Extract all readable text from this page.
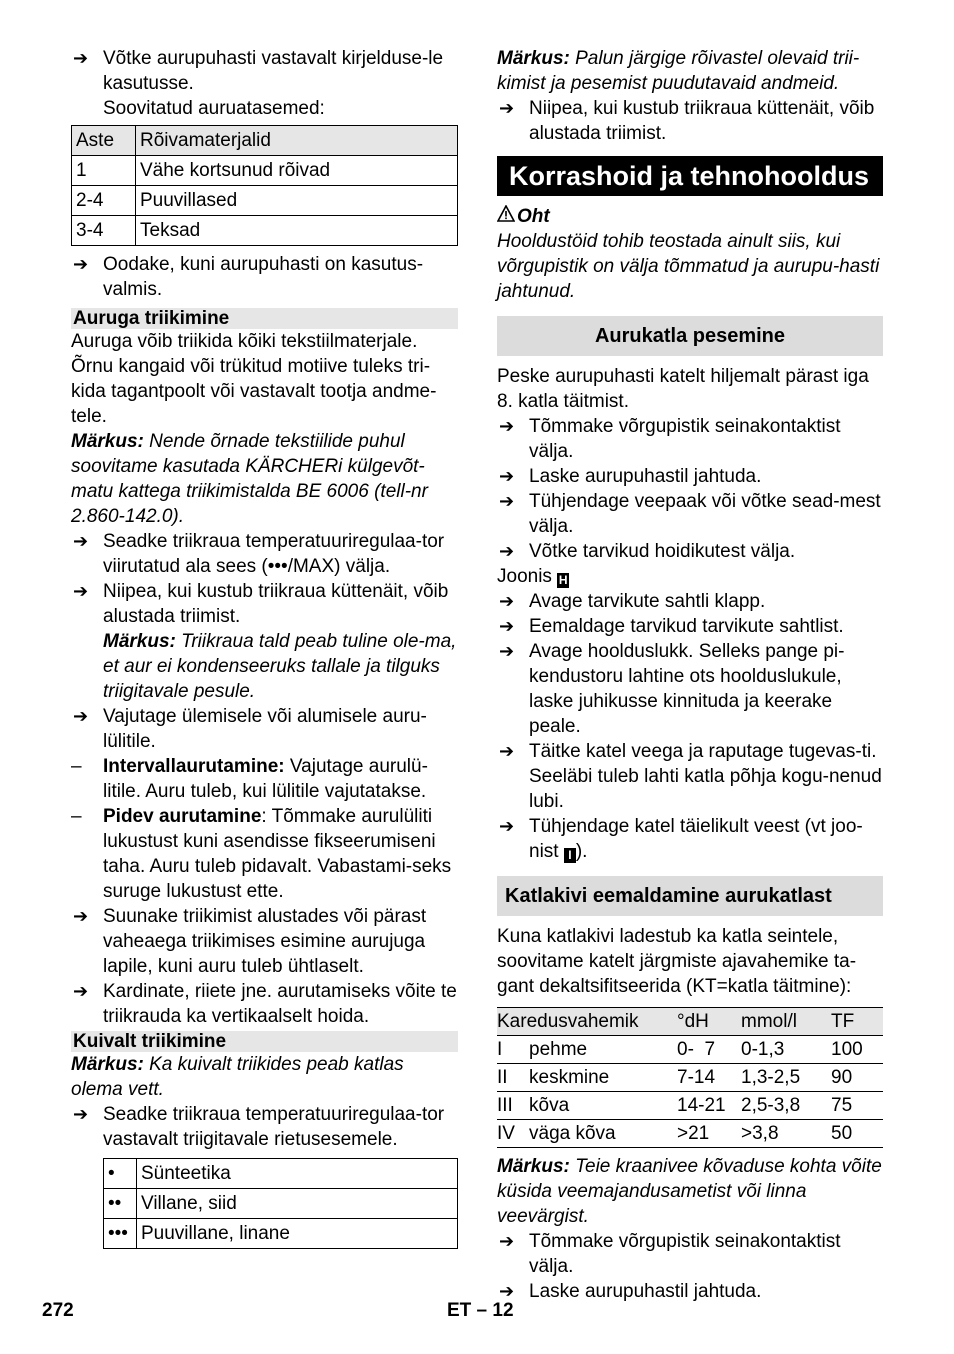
➔ Võtke aurupuhasti vastavalt kirjelduse-le kasutusse.

Soovitatud auruatasemed:

Aste	Rõivamaterjalid
1	Vähe kortsunud rõivad
2-4	Puuvillased
3-4	Teksad

➔ Oodake, kuni aurupuhasti on kasutus-valmis.

Auruga triikimine

Auruga võib triikida kõiki tekstiilmaterjale. Õrnu kangaid või trükitud motiive tuleks tri-kida tagantpoolt või vastavalt tootja andme-tele.

Märkus: Nende õrnade tekstiilide puhul soovitame kasutada KÄRCHERi külgevõt-matu kattega triikimistalda BE 6006 (tell-nr 2.860-142.0).

➔ Seadke triikraua temperatuuriregulaa-tor viirutatud ala sees (•••/MAX) välja.

➔ Niipea, kui kustub triikraua küttenäit, võib alustada triimist.

Märkus: Triikraua tald peab tuline ole-ma, et aur ei kondenseeruks tallale ja tilguks triigitavale pesule.

➔ Vajutage ülemisele või alumisele auru-lülitile.

– Intervallaurutamine: Vajutage aurulü-litile. Auru tuleb, kui lülitile vajutatakse.

– Pidev aurutamine: Tõmmake aurulüliti lukustust kuni asendisse fikseerumiseni taha. Auru tuleb pidavalt. Vabastami-seks suruge lukustust ette.

➔ Suunake triikimist alustades või pärast vaheaega triikimises esimine aurujuga lapile, kuni auru tuleb ühtlaselt.

➔ Kardinate, riiete jne. aurutamiseks võite te triikrauda ka vertikaalselt hoida.

Kuivalt triikimine

Märkus: Ka kuivalt triikides peab katlas olema vett.

➔ Seadke triikraua temperatuuriregulaa-tor vastavalt triigitavale rietusesemele.

•	Sünteetika
••	Villane, siid
•••	Puuvillane, linane

Märkus: Palun järgige rõivastel olevaid trii-kimist ja pesemist puudutavaid andmeid.

➔ Niipea, kui kustub triikraua küttenäit, võib alustada triimist.

Korrashoid ja tehnohooldus

Oht

Hooldustöid tohib teostada ainult siis, kui võrgupistik on välja tõmmatud ja aurupu-hasti jahtunud.

Aurukatla pesemine

Peske aurupuhasti katelt hiljemalt pärast iga 8. katla täitmist.

➔ Tõmmake võrgupistik seinakontaktist välja.

➔ Laske aurupuhastil jahtuda.

➔ Tühjendage veepaak või võtke sead-mest välja.

➔ Võtke tarvikud hoidikutest välja.

Joonis H

➔ Avage tarvikute sahtli klapp.

➔ Eemaldage tarvikud tarvikute sahtlist.

➔ Avage hoolduslukk. Selleks pange pi-kendustoru lahtine ots hoolduslukule, laske juhikusse kinnituda ja keerake peale.

➔ Täitke katel veega ja raputage tugevas-ti. Seeläbi tuleb lahti katla põhja kogu-nenud lubi.

➔ Tühjendage katel täielikult veest (vt joo-nist I ).

Katlakivi eemaldamine aurukatlast

Kuna katlakivi ladestub ka katla seintele, soovitame katelt järgmiste ajavahemike ta-gant dekaltsifitseerida (KT=katla täitmine):

Karedusvahemik		°dH	mmol/l	TF
I	pehme	0-  7	0-1,3	100
II	keskmine	7-14	1,3-2,5	90
III	kõva	14-21	2,5-3,8	75
IV	väga kõva	>21	>3,8	50

Märkus: Teie kraanivee kõvaduse kohta võite küsida veemajandusametist või linna veevärgist.

➔ Tõmmake võrgupistik seinakontaktist välja.

➔ Laske aurupuhastil jahtuda.

272	ET – 12
